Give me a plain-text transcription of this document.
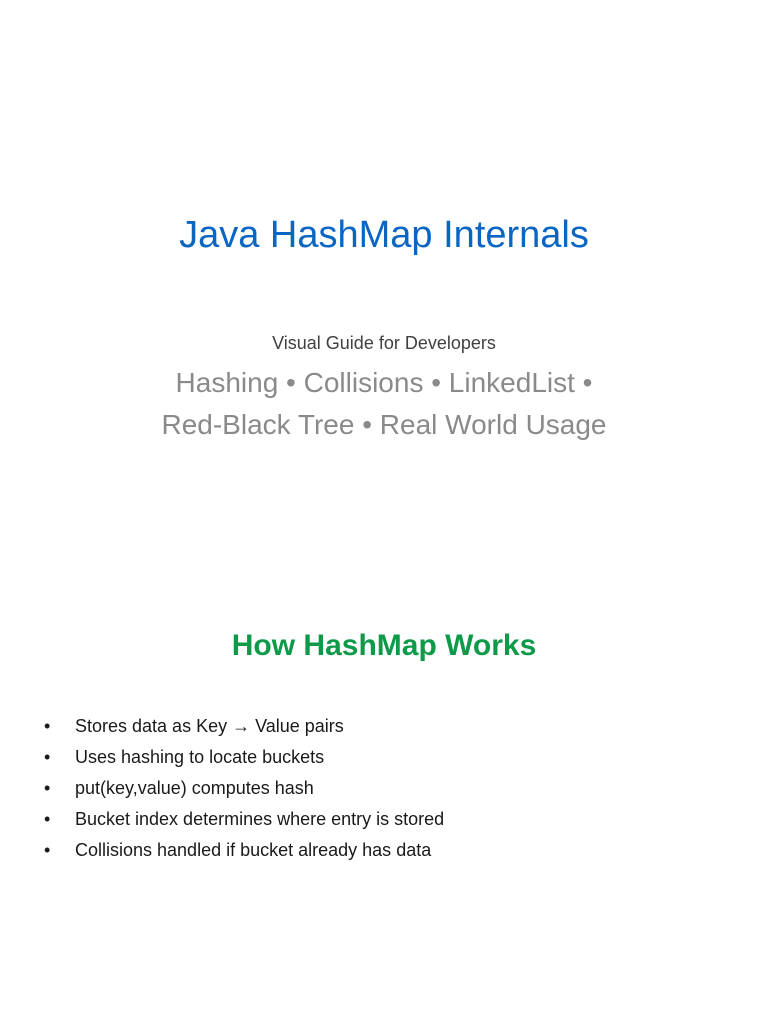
Java HashMap Internals
Visual Guide for Developers
Hashing • Collisions • LinkedList •
Red-Black Tree • Real World Usage
How HashMap Works
•	Stores data as Key → Value pairs
•	Uses hashing to locate buckets
•	put(key,value) computes hash
•	Bucket index determines where entry is stored
•	Collisions handled if bucket already has data
